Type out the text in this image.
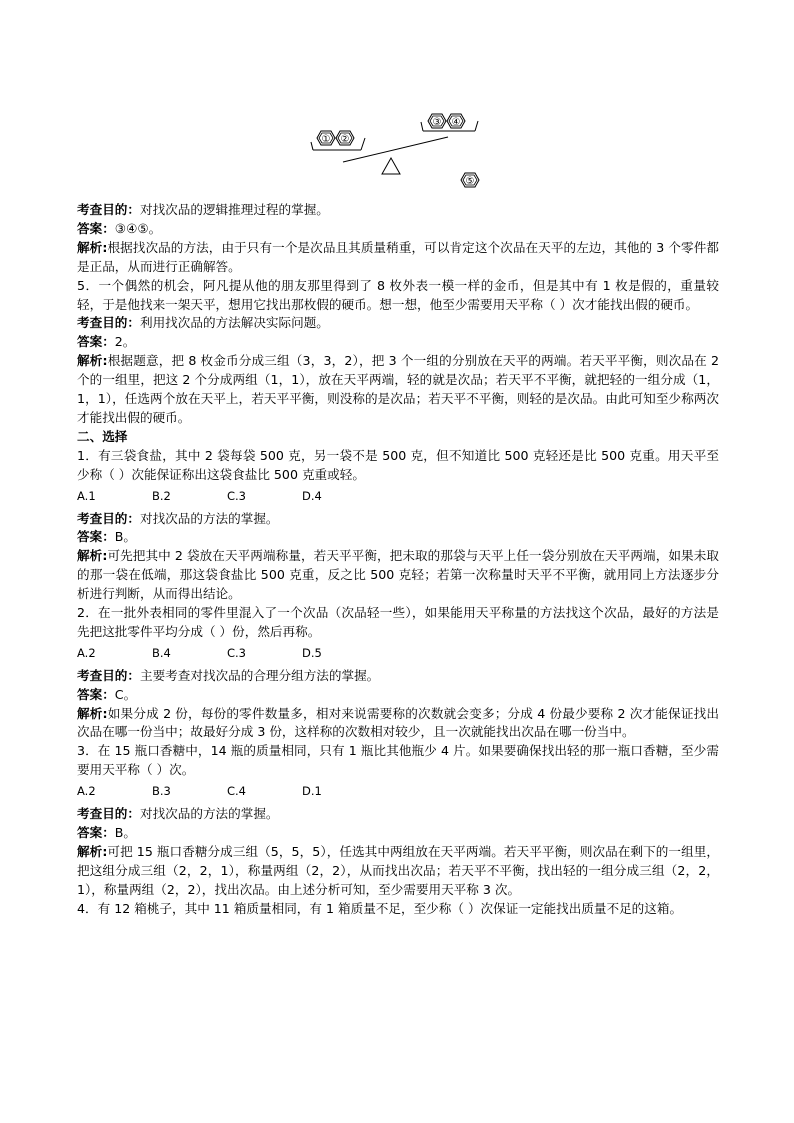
① ②
③ ④
⑤

考查目的：对找次品的逻辑推理过程的掌握。

答案：③④⑤。

解析:根据找次品的方法，由于只有一个是次品且其质量稍重，可以肯定这个次品在天平的左边，其他的 3 个零件都是正品，从而进行正确解答。

5．一个偶然的机会，阿凡提从他的朋友那里得到了 8 枚外表一模一样的金币，但是其中有 1 枚是假的，重量较轻，于是他找来一架天平，想用它找出那枚假的硬币。想一想，他至少需要用天平称（ ）次才能找出假的硬币。

考查目的：利用找次品的方法解决实际问题。

答案：2。

解析:根据题意，把 8 枚金币分成三组（3，3，2），把 3 个一组的分别放在天平的两端。若天平平衡，则次品在 2 个的一组里，把这 2 个分成两组（1，1），放在天平两端，轻的就是次品；若天平不平衡，就把轻的一组分成（1，1，1），任选两个放在天平上，若天平平衡，则没称的是次品；若天平不平衡，则轻的是次品。由此可知至少称两次才能找出假的硬币。

二、选择

1．有三袋食盐，其中 2 袋每袋 500 克，另一袋不是 500 克，但不知道比 500 克轻还是比 500 克重。用天平至少称（ ）次能保证称出这袋食盐比 500 克重或轻。

A.1	B.2	C.3	D.4

考查目的：对找次品的方法的掌握。

答案：B。

解析:可先把其中 2 袋放在天平两端称量，若天平平衡，把未取的那袋与天平上任一袋分别放在天平两端，如果未取的那一袋在低端，那这袋食盐比 500 克重，反之比 500 克轻；若第一次称量时天平不平衡，就用同上方法逐步分析进行判断，从而得出结论。

2．在一批外表相同的零件里混入了一个次品（次品轻一些），如果能用天平称量的方法找这个次品，最好的方法是先把这批零件平均分成（ ）份，然后再称。

A.2	B.4	C.3	D.5

考查目的：主要考查对找次品的合理分组方法的掌握。

答案：C。

解析:如果分成 2 份，每份的零件数量多，相对来说需要称的次数就会变多；分成 4 份最少要称 2 次才能保证找出次品在哪一份当中；故最好分成 3 份，这样称的次数相对较少，且一次就能找出次品在哪一份当中。

3．在 15 瓶口香糖中，14 瓶的质量相同，只有 1 瓶比其他瓶少 4 片。如果要确保找出轻的那一瓶口香糖，至少需要用天平称（ ）次。

A.2	B.3	C.4	D.1

考查目的：对找次品的方法的掌握。

答案：B。

解析:可把 15 瓶口香糖分成三组（5，5，5），任选其中两组放在天平两端。若天平平衡，则次品在剩下的一组里，把这组分成三组（2，2，1），称量两组（2，2），从而找出次品；若天平不平衡，找出轻的一组分成三组（2，2，1），称量两组（2，2），找出次品。由上述分析可知，至少需要用天平称 3 次。

4．有 12 箱桃子，其中 11 箱质量相同，有 1 箱质量不足，至少称（ ）次保证一定能找出质量不足的这箱。
